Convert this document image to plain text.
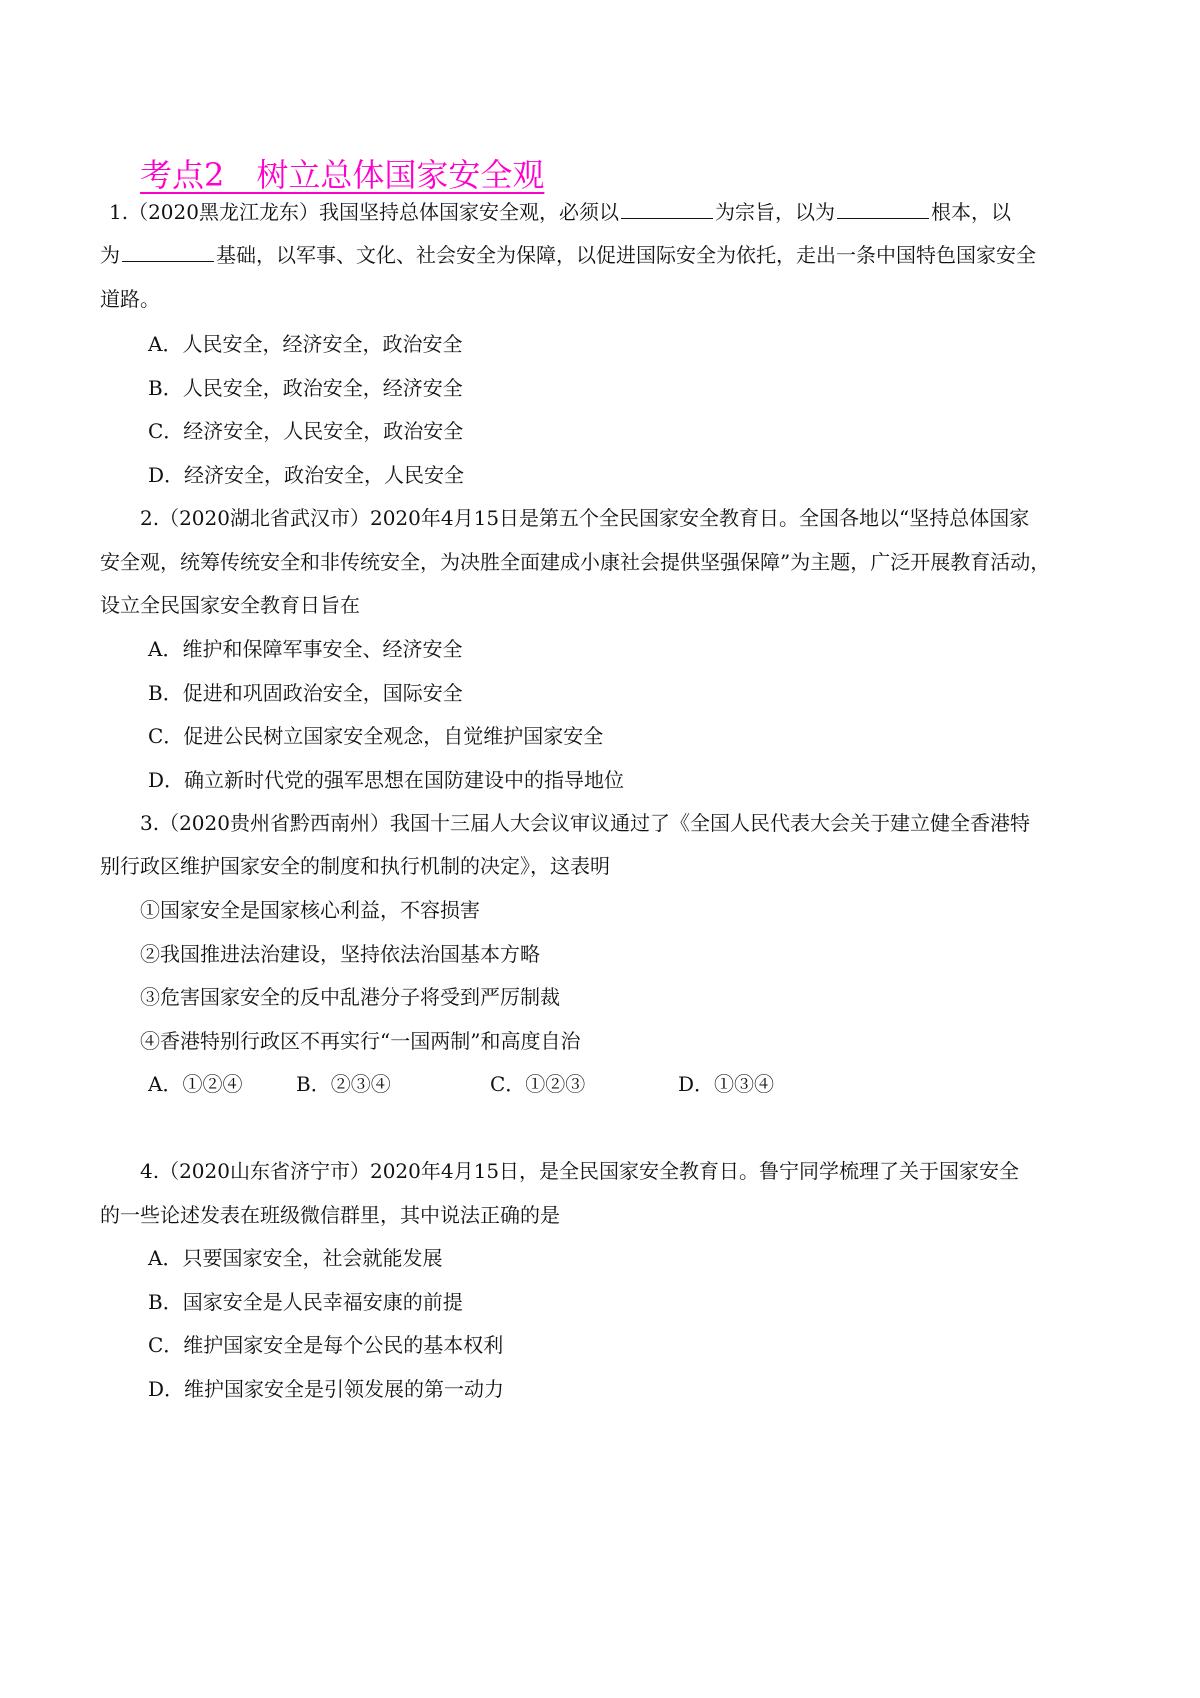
考点2　树立总体国家安全观
1.（2020黑龙江龙东）我国坚持总体国家安全观，必须以	为宗旨，以为	根本，以
为	基础，以军事、文化、社会安全为保障，以促进国际安全为依托，走出一条中国特色国家安全
道路。
A．人民安全，经济安全，政治安全
B．人民安全，政治安全，经济安全
C．经济安全，人民安全，政治安全
D．经济安全，政治安全，人民安全
2.（2020湖北省武汉市）2020年4月15日是第五个全民国家安全教育日。全国各地以“坚持总体国家
安全观，统筹传统安全和非传统安全，为决胜全面建成小康社会提供坚强保障”为主题，广泛开展教育活动，
设立全民国家安全教育日旨在
A．维护和保障军事安全、经济安全
B．促进和巩固政治安全，国际安全
C．促进公民树立国家安全观念，自觉维护国家安全
D．确立新时代党的强军思想在国防建设中的指导地位
3.（2020贵州省黔西南州）我国十三届人大会议审议通过了《全国人民代表大会关于建立健全香港特
别行政区维护国家安全的制度和执行机制的决定》，这表明
①国家安全是国家核心利益，不容损害
②我国推进法治建设，坚持依法治国基本方略
③危害国家安全的反中乱港分子将受到严厉制裁
④香港特别行政区不再实行“一国两制”和高度自治
A．①②④	B．②③④	C．①②③	D．①③④
4.（2020山东省济宁市）2020年4月15日，是全民国家安全教育日。鲁宁同学梳理了关于国家安全
的一些论述发表在班级微信群里，其中说法正确的是
A．只要国家安全，社会就能发展
B．国家安全是人民幸福安康的前提
C．维护国家安全是每个公民的基本权利
D．维护国家安全是引领发展的第一动力
